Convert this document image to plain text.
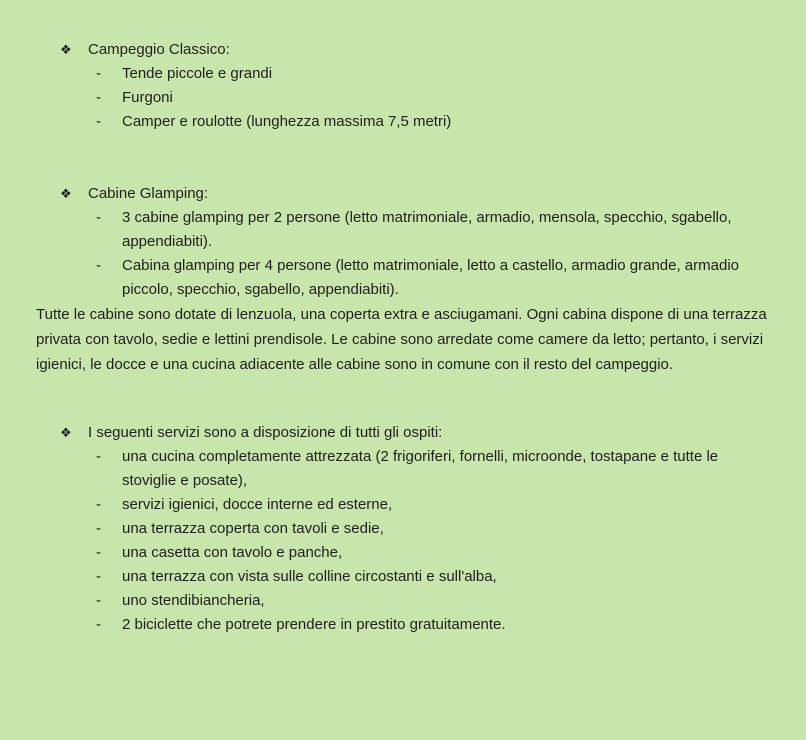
❖	Campeggio Classico:
-	Tende piccole e grandi
-	Furgoni
-	Camper e roulotte (lunghezza massima 7,5 metri)
❖	Cabine Glamping:
-	3 cabine glamping per 2 persone (letto matrimoniale, armadio, mensola, specchio, sgabello, appendiabiti).
-	Cabina glamping per 4 persone (letto matrimoniale, letto a castello, armadio grande, armadio piccolo, specchio, sgabello, appendiabiti).

Tutte le cabine sono dotate di lenzuola, una coperta extra e asciugamani. Ogni cabina dispone di una terrazza privata con tavolo, sedie e lettini prendisole. Le cabine sono arredate come camere da letto; pertanto, i servizi igienici, le docce e una cucina adiacente alle cabine sono in comune con il resto del campeggio.

❖	I seguenti servizi sono a disposizione di tutti gli ospiti:
-	una cucina completamente attrezzata (2 frigoriferi, fornelli, microonde, tostapane e tutte le stoviglie e posate),
-	servizi igienici, docce interne ed esterne,
-	una terrazza coperta con tavoli e sedie,
-	una casetta con tavolo e panche,
-	una terrazza con vista sulle colline circostanti e sull'alba,
-	uno stendibiancheria,
-	2 biciclette che potrete prendere in prestito gratuitamente.
